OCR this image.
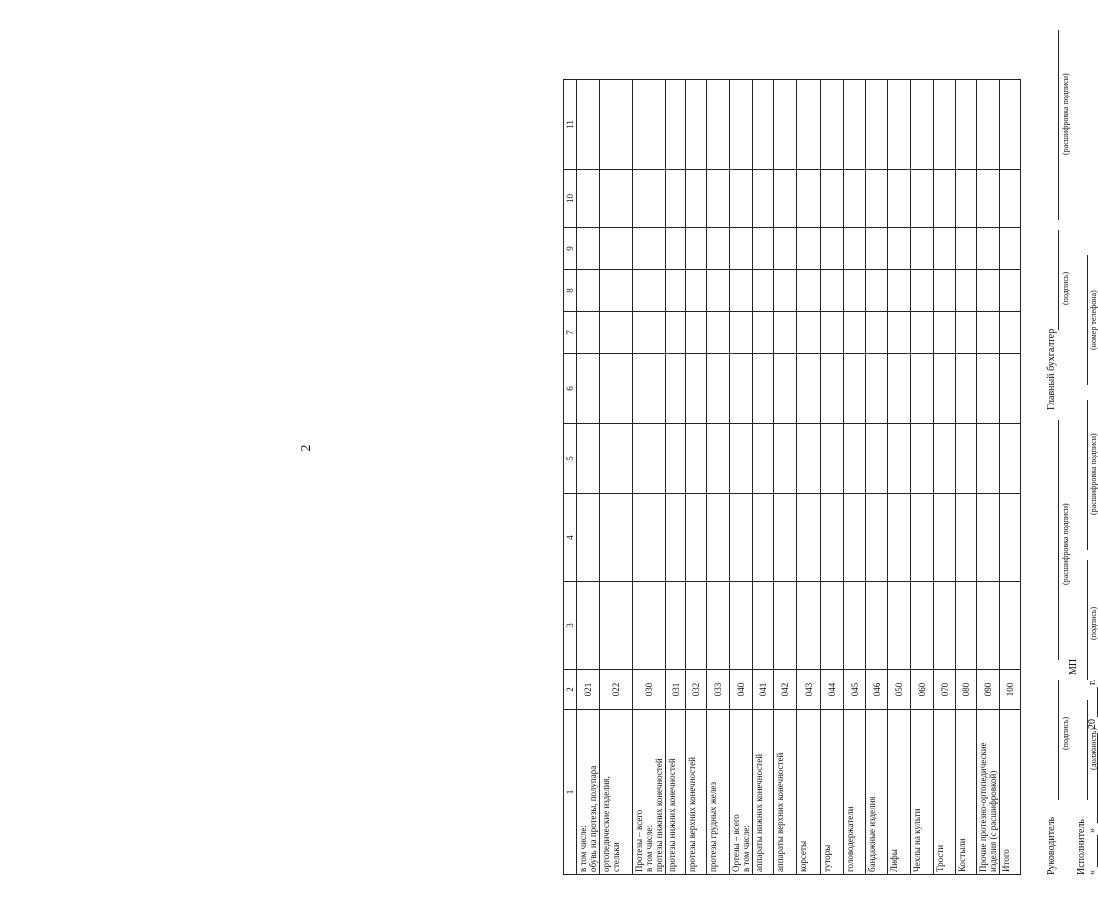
2
1	2	3	4	5	6	7	8	9	10	11

в том числе: обувь на протезы, полупара	021									

ортопедические изделия, стельки	022									

Протезы – всего в том числе: протезы нижних конечностей	030									

протезы нижних конечностей	031									

протезы верхних конечностей	032									

протезы грудных желез	033									

Ортезы – всего в том числе:	040									

аппараты нижних конечностей	041									

аппараты верхних конечностей	042									

корсеты	043									

туторы	044									

головодержатели	045									

бандажные изделия	046									

Лифы	050									

Чехлы на культи	060									

Трости	070									

Костыли	080									

Прочие протезно-ортопедические изделия (с расшифровкой)	090									

Итого	100									
Руководитель
(подпись)
(расшифровка подписи)
Главный бухгалтер
(подпись)
(расшифровка подписи)
МП
Исполнитель
(должность)
(подпись)
(расшифровка подписи)
(номер телефона)
«
»
20
г.
